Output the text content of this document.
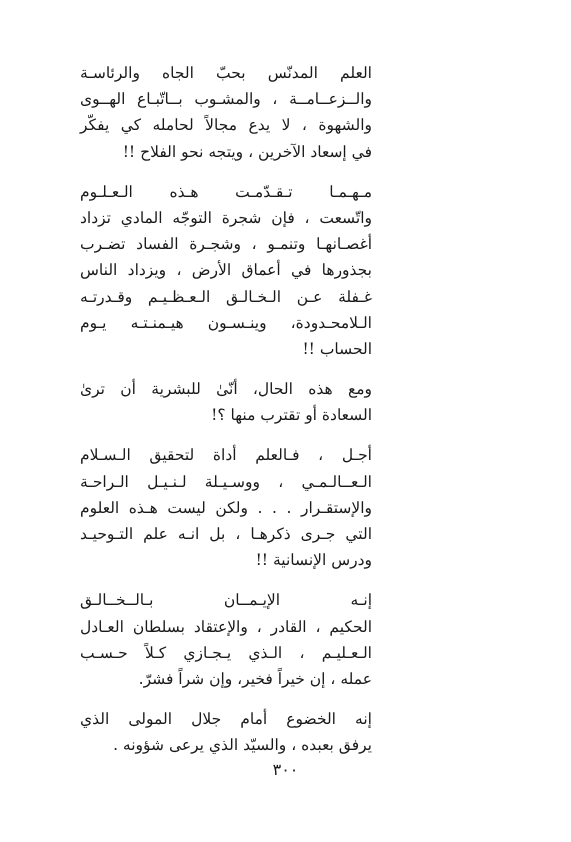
العلم المدنّس بحبّ الجاه والرئاسـة
والــزعــامــة ، والمشـوب بــاتّبـاع الهــوى
والشهوة ، لا يدع مجالاً لحامله كي يفكّر
في إسعاد الآخرين ، ويتجه نحو الفلاح !!
مـهـمـا تـقـدّمـت هـذه الـعـلـوم
واتّسعت ، فإن شجرة التوجّه المادي تزداد
أغصـانهـا وتنمـو ، وشجـرة الفساد تضـرب
بجذورها في أعماق الأرض ، ويزداد الناس
غـفلة عـن الـخـالـق الـعـظـيـم وقـدرتـه
الـلامحـدودة، وينـسـون هيـمنـتـه يـوم
الحساب !!
ومع هذه الحال، أنّىٰ للبشرية أن ترىٰ
السعادة أو تقترب منها ؟!
أجـل ، فـالعلم أداة لتحقيق الـسـلام
الـعــالـمـي ، ووسـيـلة لـنـيـل الـراحـة
والإستقـرار . . . ولكن ليست هـذه العلوم
التي جـرى ذكرهـا ، بل انـه علم التـوحيـد
ودرس الإنسانية !!
إنـه الإيـمــان بـالــخــالـق
الحكيم ، القادر ، والإعتقاد بسلطان العـادل
الـعـليـم ، الـذي يـجـازي كـلاً حـسـب
عمله ، إن خيراً فخير، وإن شراً فشرّ.
إنه الخضوع أمام جلال المولى الذي
يرفق بعبده ، والسيّد الذي يرعى شؤونه .
٣٠٠
